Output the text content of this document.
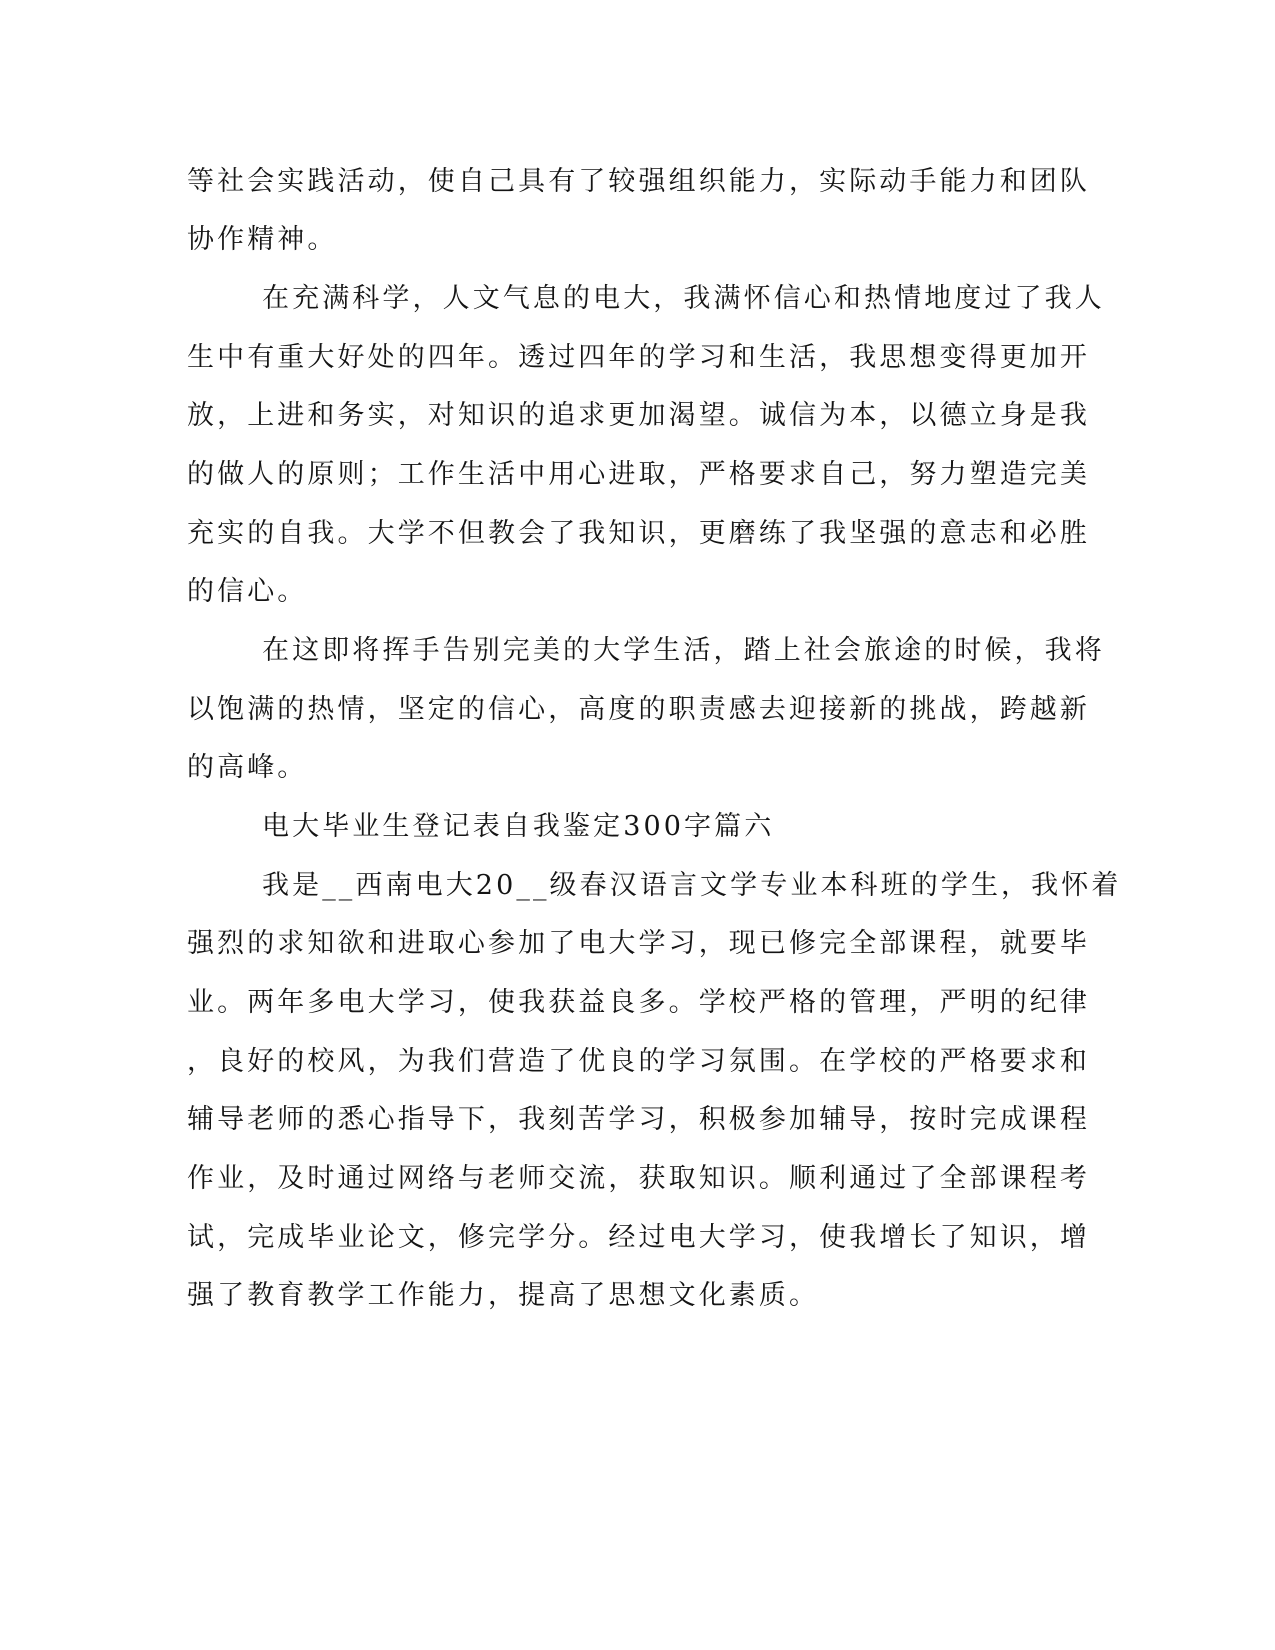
等社会实践活动，使自己具有了较强组织能力，实际动手能力和团队
协作精神。
在充满科学，人文气息的电大，我满怀信心和热情地度过了我人
生中有重大好处的四年。透过四年的学习和生活，我思想变得更加开
放，上进和务实，对知识的追求更加渴望。诚信为本，以德立身是我
的做人的原则；工作生活中用心进取，严格要求自己，努力塑造完美
充实的自我。大学不但教会了我知识，更磨练了我坚强的意志和必胜
的信心。
在这即将挥手告别完美的大学生活，踏上社会旅途的时候，我将
以饱满的热情，坚定的信心，高度的职责感去迎接新的挑战，跨越新
的高峰。
电大毕业生登记表自我鉴定300字篇六
我是__西南电大20__级春汉语言文学专业本科班的学生，我怀着
强烈的求知欲和进取心参加了电大学习，现已修完全部课程，就要毕
业。两年多电大学习，使我获益良多。学校严格的管理，严明的纪律
，良好的校风，为我们营造了优良的学习氛围。在学校的严格要求和
辅导老师的悉心指导下，我刻苦学习，积极参加辅导，按时完成课程
作业，及时通过网络与老师交流，获取知识。顺利通过了全部课程考
试，完成毕业论文，修完学分。经过电大学习，使我增长了知识，增
强了教育教学工作能力，提高了思想文化素质。
